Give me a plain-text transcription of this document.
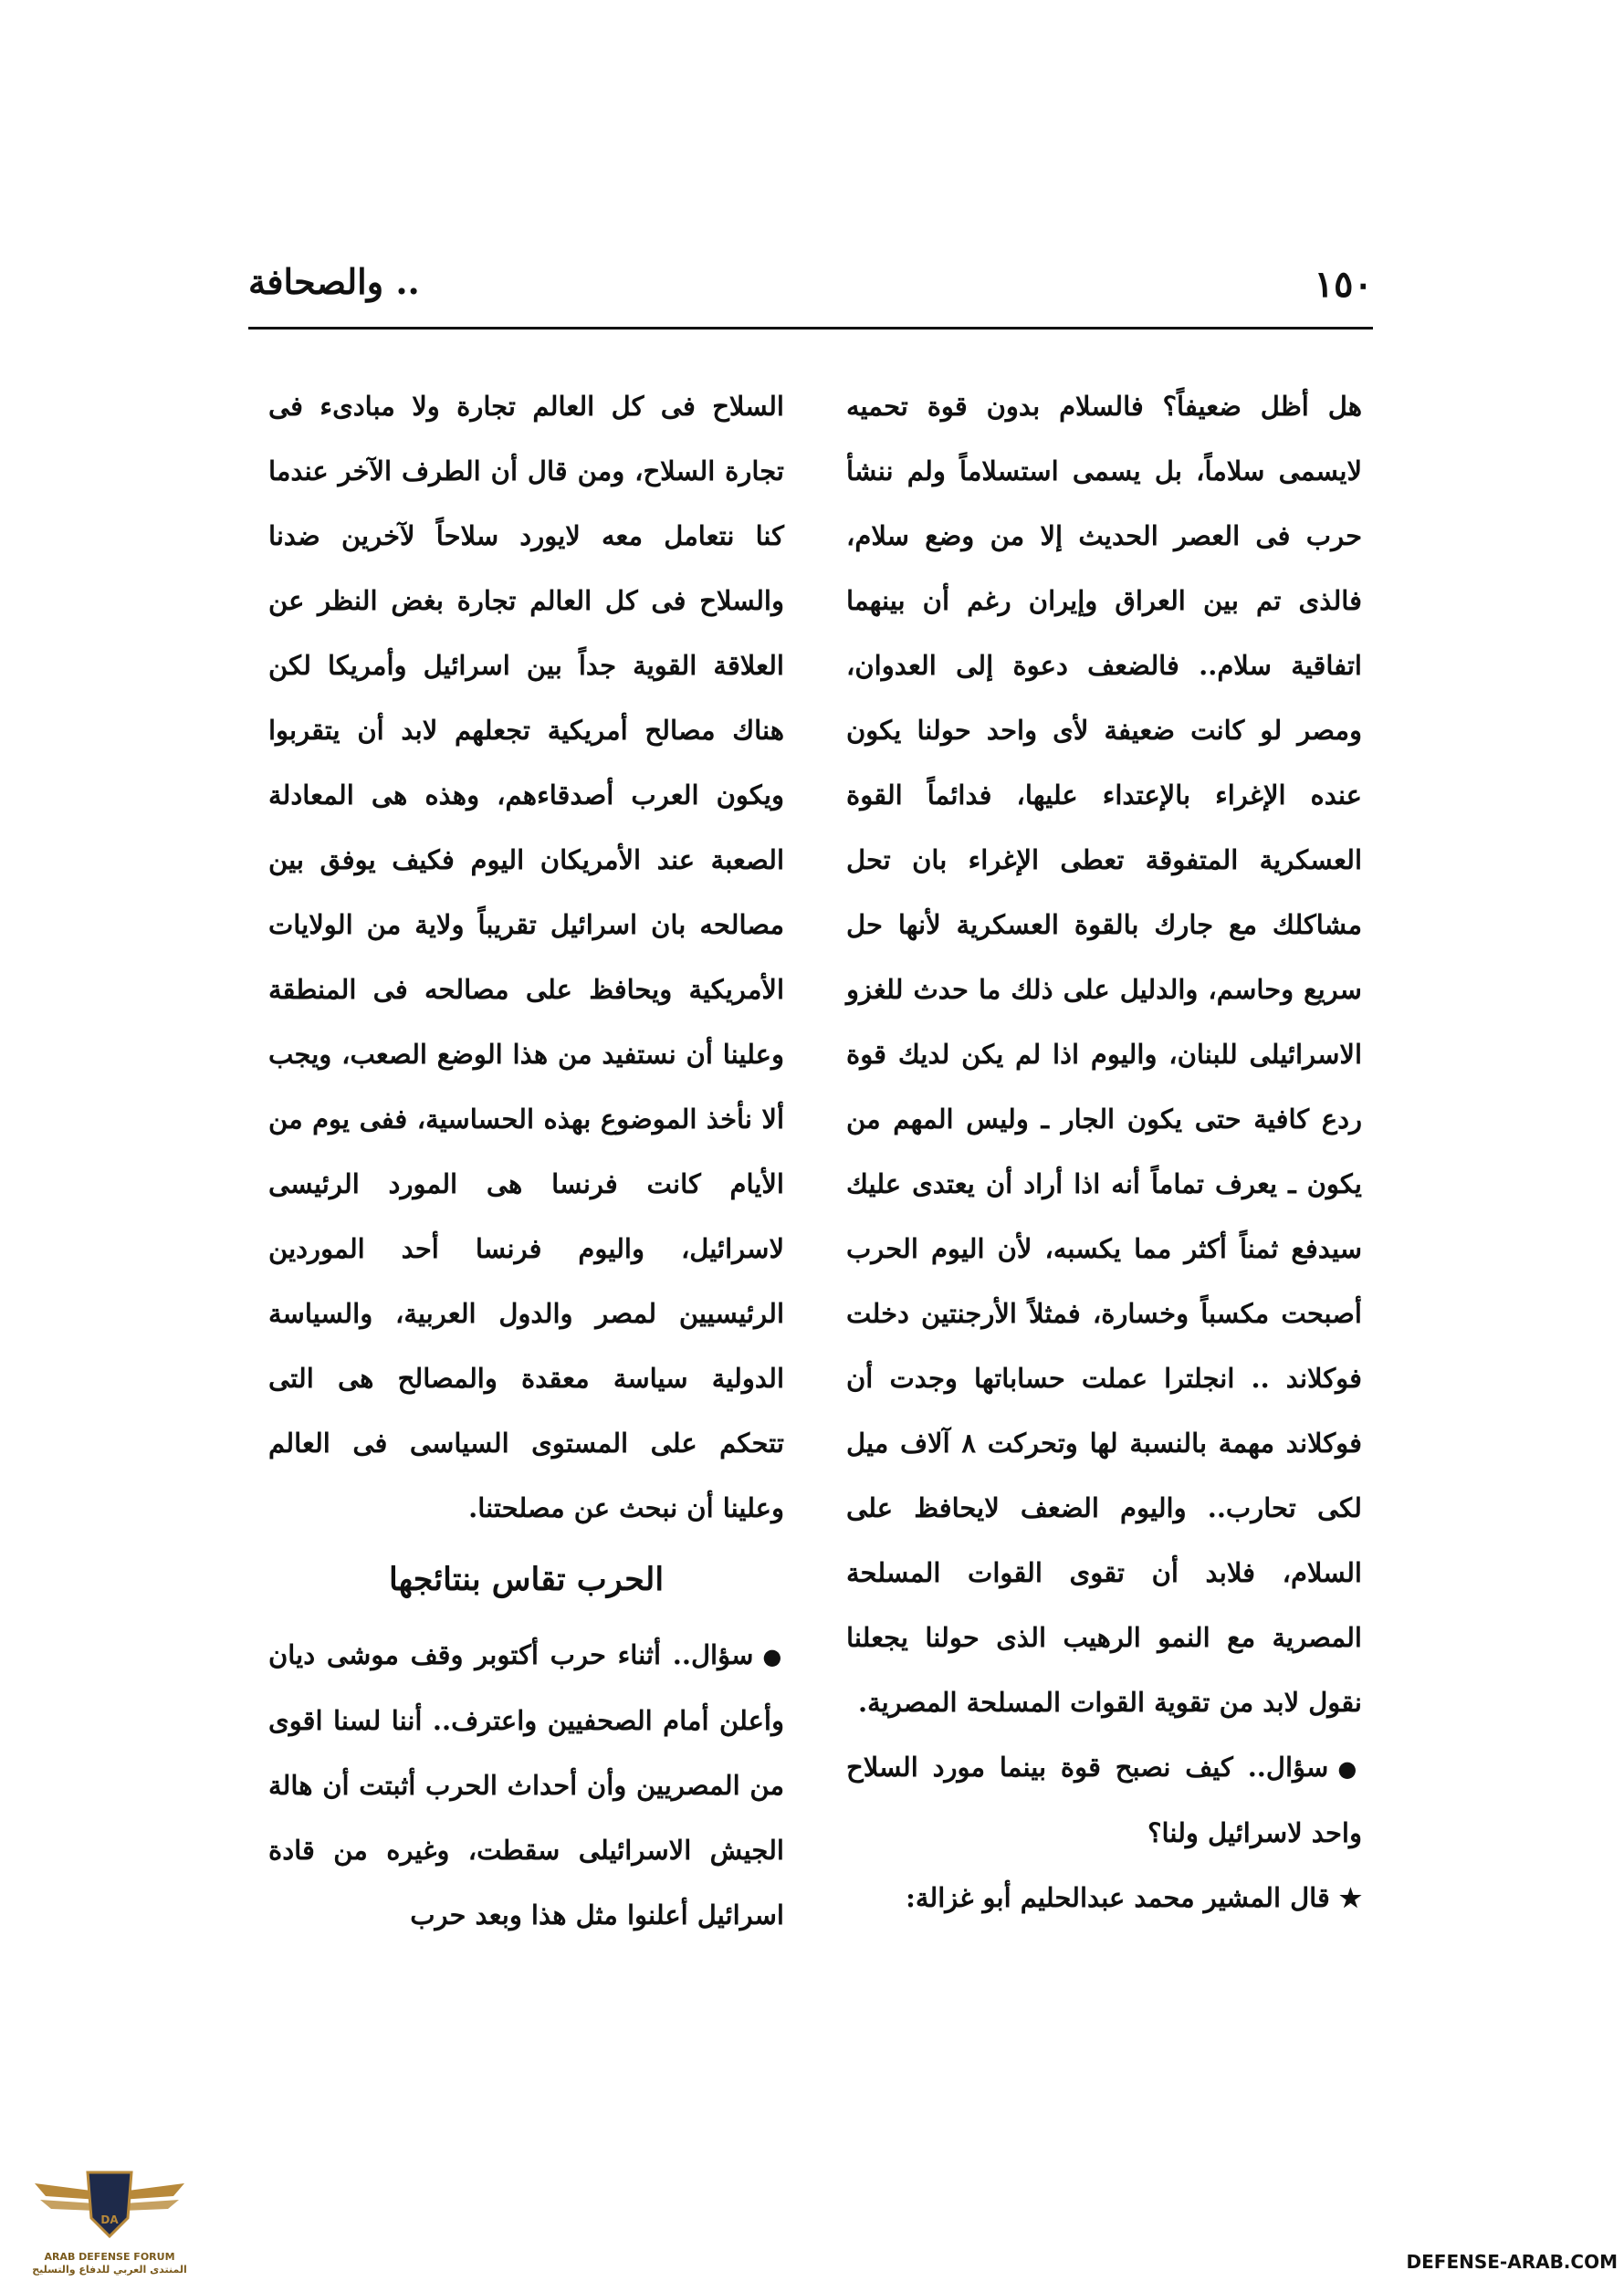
١٥٠
.. والصحافة

هل أظل ضعيفاً؟ فالسلام بدون قوة تحميه لايسمى سلاماً، بل يسمى استسلاماً ولم ننشأ حرب فى العصر الحديث إلا من وضع سلام، فالذى تم بين العراق وإيران رغم أن بينهما اتفاقية سلام.. فالضعف دعوة إلى العدوان، ومصر لو كانت ضعيفة لأى واحد حولنا يكون عنده الإغراء بالإعتداء عليها، فدائماً القوة العسكرية المتفوقة تعطى الإغراء بان تحل مشاكلك مع جارك بالقوة العسكرية لأنها حل سريع وحاسم، والدليل على ذلك ما حدث للغزو الاسرائيلى للبنان، واليوم اذا لم يكن لديك قوة ردع كافية حتى يكون الجار ـ وليس المهم من يكون ـ يعرف تماماً أنه اذا أراد أن يعتدى عليك سيدفع ثمناً أكثر مما يكسبه، لأن اليوم الحرب أصبحت مكسباً وخسارة، فمثلاً الأرجنتين دخلت فوكلاند .. انجلترا عملت حساباتها وجدت أن فوكلاند مهمة بالنسبة لها وتحركت ٨ آلاف ميل لكى تحارب.. واليوم الضعف لايحافظ على السلام، فلابد أن تقوى القوات المسلحة المصرية مع النمو الرهيب الذى حولنا يجعلنا نقول لابد من تقوية القوات المسلحة المصرية.

●سؤال.. كيف نصبح قوة بينما مورد السلاح واحد لاسرائيل ولنا؟

★قال المشير محمد عبدالحليم أبو غزالة:

السلاح فى كل العالم تجارة ولا مبادىء فى تجارة السلاح، ومن قال أن الطرف الآخر عندما كنا نتعامل معه لايورد سلاحاً لآخرين ضدنا والسلاح فى كل العالم تجارة بغض النظر عن العلاقة القوية جداً بين اسرائيل وأمريكا لكن هناك مصالح أمريكية تجعلهم لابد أن يتقربوا ويكون العرب أصدقاءهم، وهذه هى المعادلة الصعبة عند الأمريكان اليوم فكيف يوفق بين مصالحه بان اسرائيل تقريباً ولاية من الولايات الأمريكية ويحافظ على مصالحه فى المنطقة وعلينا أن نستفيد من هذا الوضع الصعب، ويجب ألا نأخذ الموضوع بهذه الحساسية، ففى يوم من الأيام كانت فرنسا هى المورد الرئيسى لاسرائيل، واليوم فرنسا أحد الموردين الرئيسيين لمصر والدول العربية، والسياسة الدولية سياسة معقدة والمصالح هى التى تتحكم على المستوى السياسى فى العالم وعلينا أن نبحث عن مصلحتنا.

الحرب تقاس بنتائجها

●سؤال.. أثناء حرب أكتوبر وقف موشى ديان وأعلن أمام الصحفيين واعترف.. أننا لسنا اقوى من المصريين وأن أحداث الحرب أثبتت أن هالة الجيش الاسرائيلى سقطت، وغيره من قادة اسرائيل أعلنوا مثل هذا وبعد حرب

DA
ARAB DEFENSE FORUM
المنتدى العربي للدفاع والتسليح	DEFENSE-ARAB.COM
